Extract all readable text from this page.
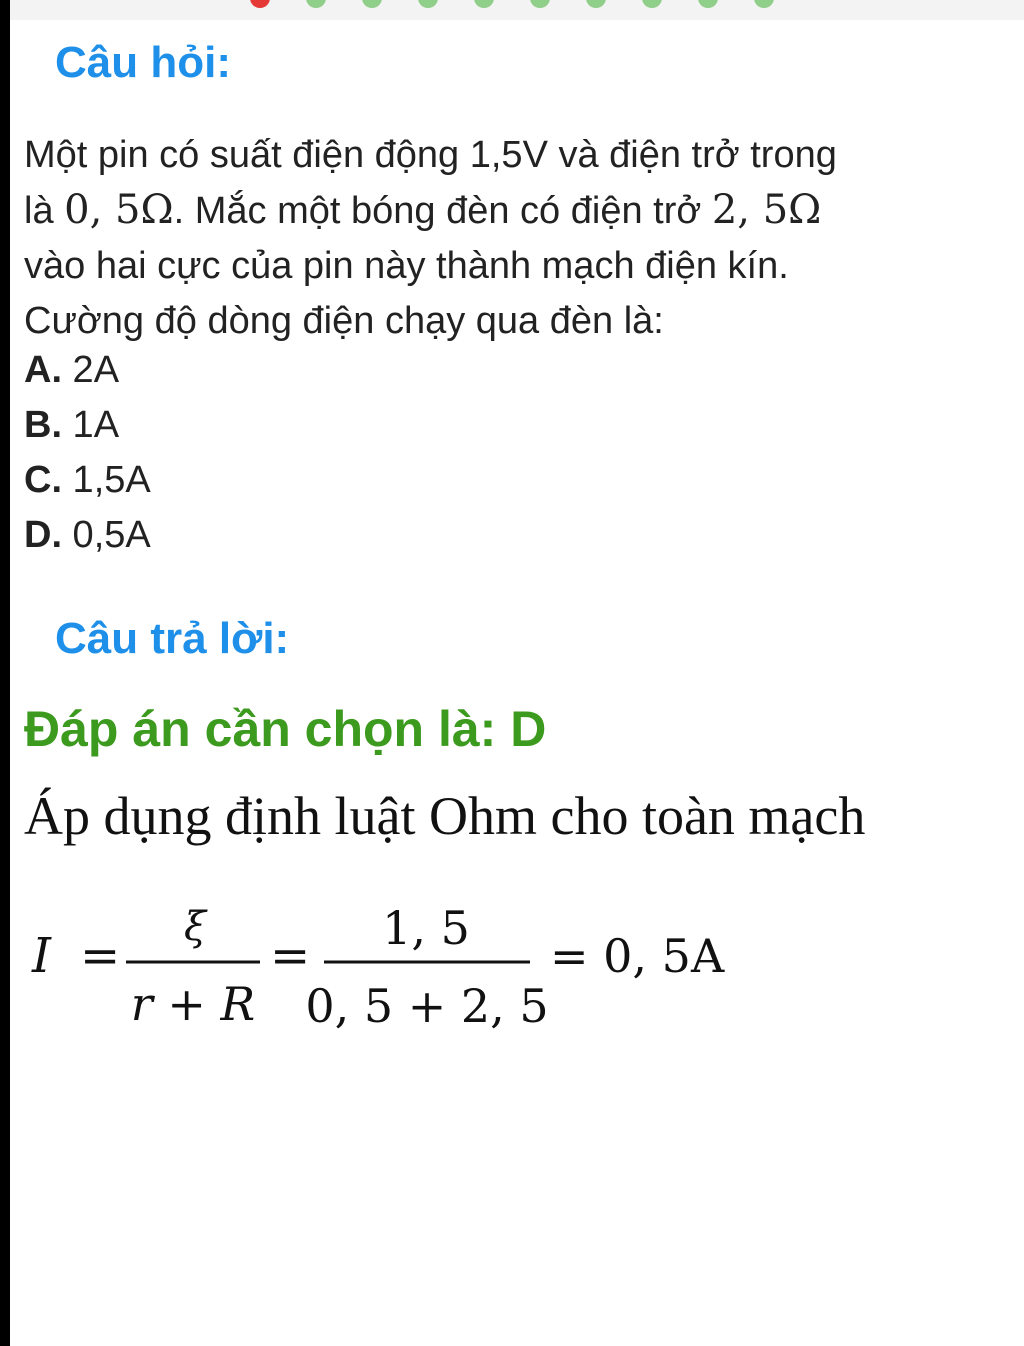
Câu hỏi:

Một pin có suất điện động 1,5V và điện trở trong
là 0, 5Ω. Mắc một bóng đèn có điện trở 2, 5Ω
vào hai cực của pin này thành mạch điện kín.
Cường độ dòng điện chạy qua đèn là:

A. 2A
B. 1A
C. 1,5A
D. 0,5A
Câu trả lời:

Đáp án cần chọn là: D

Áp dụng định luật Ohm cho toàn mạch

I =
ξ
r + R
= 1, 5
0, 5 + 2, 5
= 0, 5A
